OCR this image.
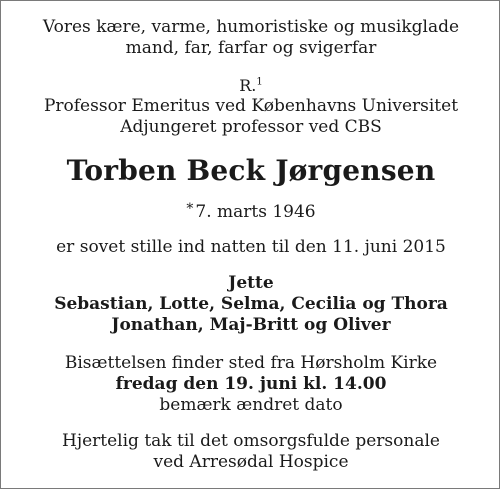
Vores kære, varme, humoristiske og musikglade
mand, far, farfar og svigerfar
R.$^1$
Professor Emeritus ved Københavns Universitet
Adjungeret professor ved CBS
Torben Beck Jørgensen
* 7. marts 1946
er sovet stille ind natten til den 11. juni 2015
Jette
Sebastian, Lotte, Selma, Cecilia og Thora
Jonathan, Maj-Britt og Oliver
Bisættelsen finder sted fra Hørsholm Kirke
fredag den 19. juni kl. 14.00
bemærk ændret dato
Hjertelig tak til det omsorgsfulde personale
ved Arresødal Hospice
